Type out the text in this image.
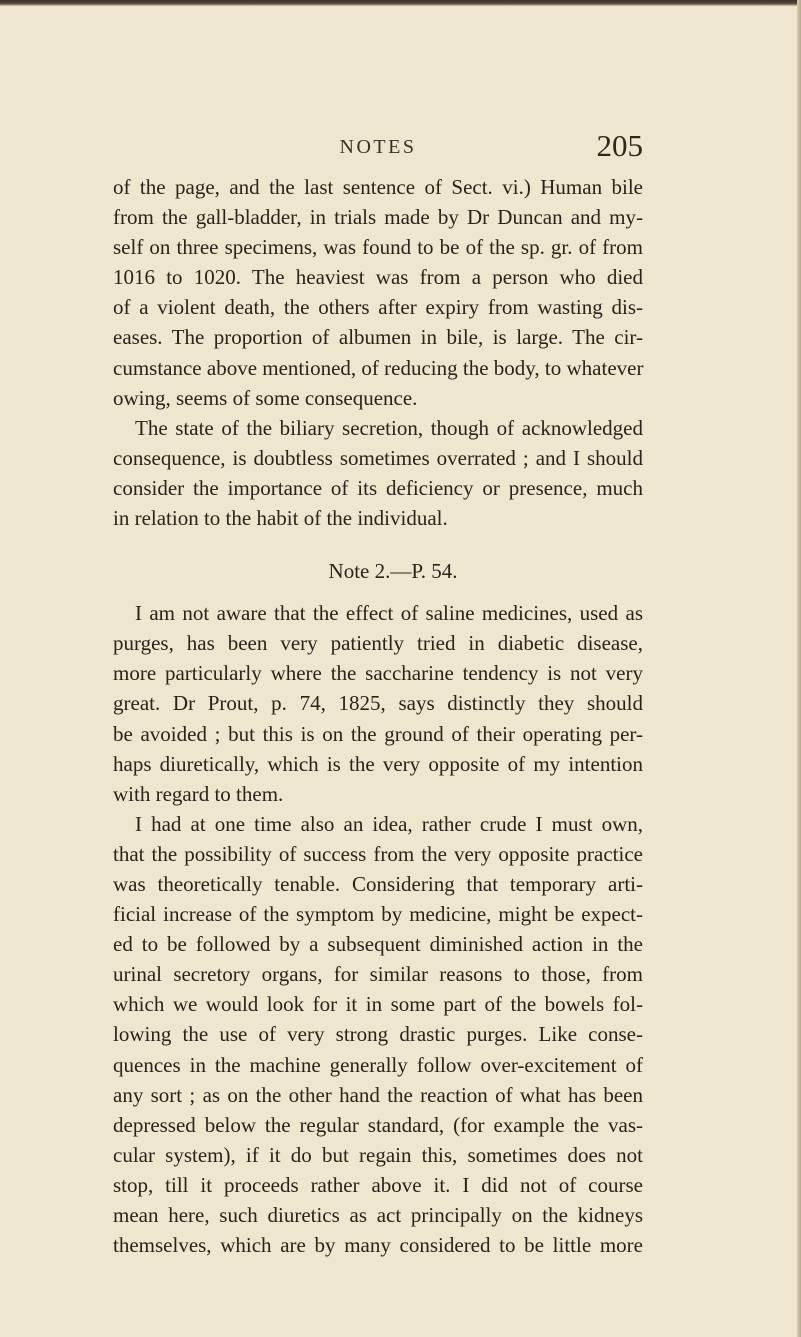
NOTES	205
of the page, and the last sentence of Sect. vi.) Human bile
from the gall-bladder, in trials made by Dr Duncan and my-
self on three specimens, was found to be of the sp. gr. of from
1016 to 1020. The heaviest was from a person who died
of a violent death, the others after expiry from wasting dis-
eases. The proportion of albumen in bile, is large. The cir-
cumstance above mentioned, of reducing the body, to whatever
owing, seems of some consequence.
The state of the biliary secretion, though of acknowledged
consequence, is doubtless sometimes overrated ; and I should
consider the importance of its deficiency or presence, much
in relation to the habit of the individual.
Note 2.—P. 54.
I am not aware that the effect of saline medicines, used as
purges, has been very patiently tried in diabetic disease,
more particularly where the saccharine tendency is not very
great. Dr Prout, p. 74, 1825, says distinctly they should
be avoided ; but this is on the ground of their operating per-
haps diuretically, which is the very opposite of my intention
with regard to them.
I had at one time also an idea, rather crude I must own,
that the possibility of success from the very opposite practice
was theoretically tenable. Considering that temporary arti-
ficial increase of the symptom by medicine, might be expect-
ed to be followed by a subsequent diminished action in the
urinal secretory organs, for similar reasons to those, from
which we would look for it in some part of the bowels fol-
lowing the use of very strong drastic purges. Like conse-
quences in the machine generally follow over-excitement of
any sort ; as on the other hand the reaction of what has been
depressed below the regular standard, (for example the vas-
cular system), if it do but regain this, sometimes does not
stop, till it proceeds rather above it. I did not of course
mean here, such diuretics as act principally on the kidneys
themselves, which are by many considered to be little more
